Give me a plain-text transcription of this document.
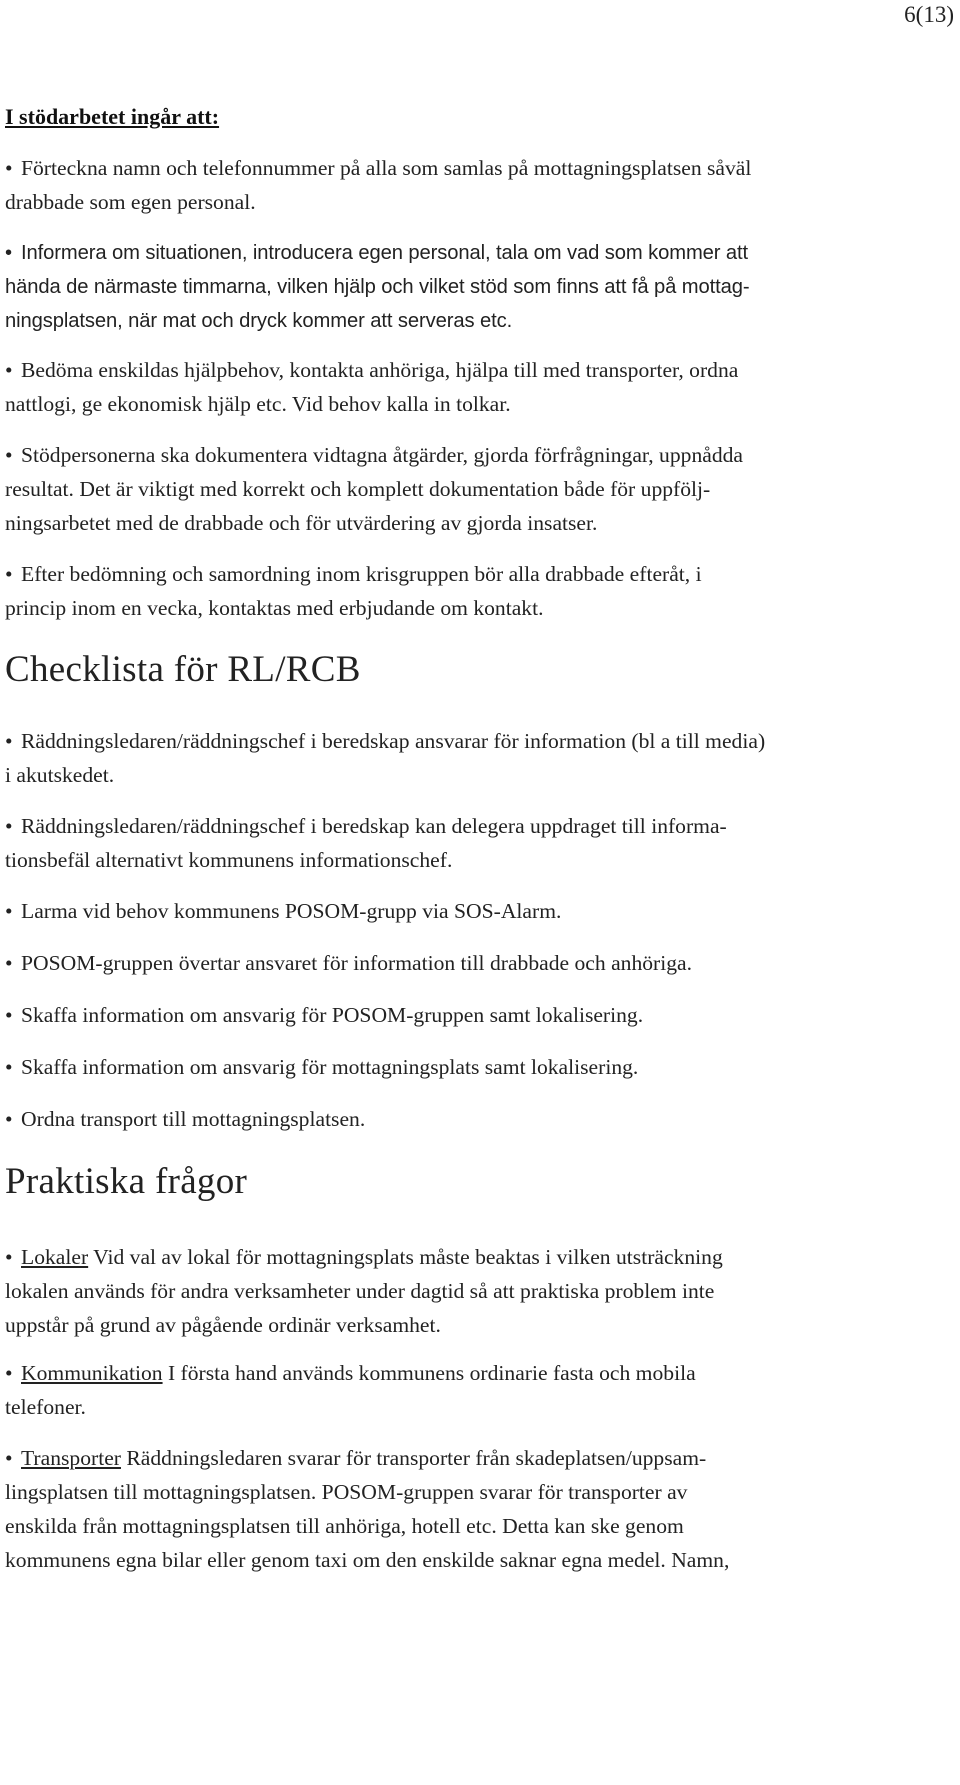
6(13)
I stödarbetet ingår att:
• Förteckna namn och telefonnummer på alla som samlas på mottagningsplatsen såväl
drabbade som egen personal.
• Informera om situationen, introducera egen personal, tala om vad som kommer att
hända de närmaste timmarna, vilken hjälp och vilket stöd som finns att få på mottag-
ningsplatsen, när mat och dryck kommer att serveras etc.
• Bedöma enskildas hjälpbehov, kontakta anhöriga, hjälpa till med transporter, ordna
nattlogi, ge ekonomisk hjälp etc. Vid behov kalla in tolkar.
• Stödpersonerna ska dokumentera vidtagna åtgärder, gjorda förfrågningar, uppnådda
resultat. Det är viktigt med korrekt och komplett dokumentation både för uppfölj-
ningsarbetet med de drabbade och för utvärdering av gjorda insatser.
• Efter bedömning och samordning inom krisgruppen bör alla drabbade efteråt, i
princip inom en vecka, kontaktas med erbjudande om kontakt.
Checklista för RL/RCB
• Räddningsledaren/räddningschef i beredskap ansvarar för information (bl a till media)
i akutskedet.
• Räddningsledaren/räddningschef i beredskap kan delegera uppdraget till informa-
tionsbefäl alternativt kommunens informationschef.
• Larma vid behov kommunens POSOM-grupp via SOS-Alarm.
• POSOM-gruppen övertar ansvaret för information till drabbade och anhöriga.
• Skaffa information om ansvarig för POSOM-gruppen samt lokalisering.
• Skaffa information om ansvarig för mottagningsplats samt lokalisering.
• Ordna transport till mottagningsplatsen.
Praktiska frågor
• Lokaler Vid val av lokal för mottagningsplats måste beaktas i vilken utsträckning
lokalen används för andra verksamheter under dagtid så att praktiska problem inte
uppstår på grund av pågående ordinär verksamhet.
• Kommunikation I första hand används kommunens ordinarie fasta och mobila
telefoner.
• Transporter Räddningsledaren svarar för transporter från skadeplatsen/uppsam-
lingsplatsen till mottagningsplatsen. POSOM-gruppen svarar för transporter av
enskilda från mottagningsplatsen till anhöriga, hotell etc. Detta kan ske genom
kommunens egna bilar eller genom taxi om den enskilde saknar egna medel. Namn,
